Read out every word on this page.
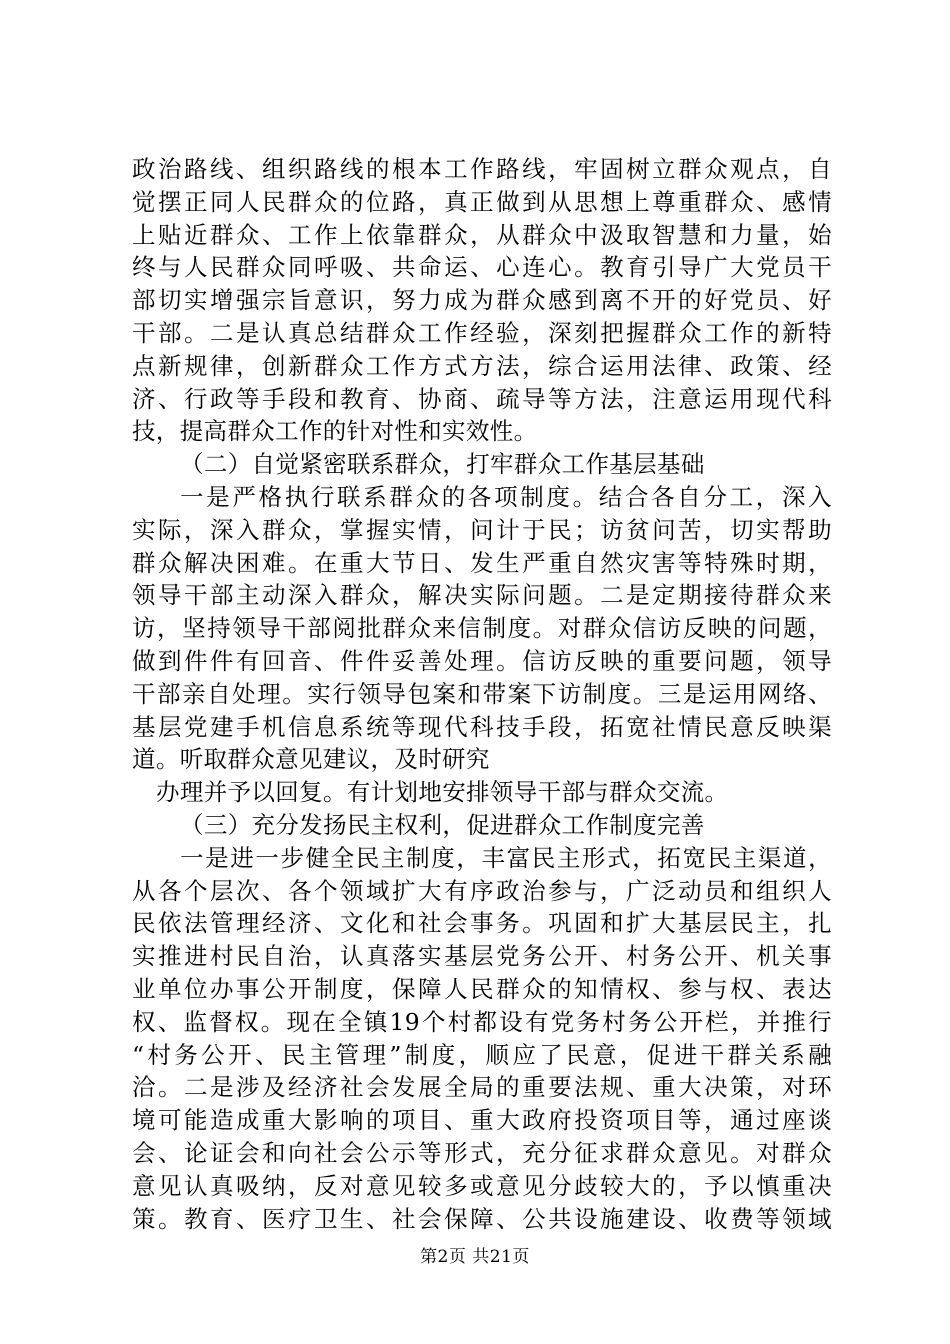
政治路线、组织路线的根本工作路线，牢固树立群众观点，自
觉摆正同人民群众的位路，真正做到从思想上尊重群众、感情
上贴近群众、工作上依靠群众，从群众中汲取智慧和力量，始
终与人民群众同呼吸、共命运、心连心。教育引导广大党员干
部切实增强宗旨意识，努力成为群众感到离不开的好党员、好
干部。二是认真总结群众工作经验，深刻把握群众工作的新特
点新规律，创新群众工作方式方法，综合运用法律、政策、经
济、行政等手段和教育、协商、疏导等方法，注意运用现代科
技，提高群众工作的针对性和实效性。
（二）自觉紧密联系群众，打牢群众工作基层基础
一是严格执行联系群众的各项制度。结合各自分工，深入
实际，深入群众，掌握实情，问计于民；访贫问苦，切实帮助
群众解决困难。在重大节日、发生严重自然灾害等特殊时期，
领导干部主动深入群众，解决实际问题。二是定期接待群众来
访，坚持领导干部阅批群众来信制度。对群众信访反映的问题，
做到件件有回音、件件妥善处理。信访反映的重要问题，领导
干部亲自处理。实行领导包案和带案下访制度。三是运用网络、
基层党建手机信息系统等现代科技手段，拓宽社情民意反映渠
道。听取群众意见建议，及时研究
办理并予以回复。有计划地安排领导干部与群众交流。
（三）充分发扬民主权利，促进群众工作制度完善
一是进一步健全民主制度，丰富民主形式，拓宽民主渠道，
从各个层次、各个领域扩大有序政治参与，广泛动员和组织人
民依法管理经济、文化和社会事务。巩固和扩大基层民主，扎
实推进村民自治，认真落实基层党务公开、村务公开、机关事
业单位办事公开制度，保障人民群众的知情权、参与权、表达
权、监督权。现在全镇19个村都设有党务村务公开栏，并推行
“村务公开、民主管理”制度，顺应了民意，促进干群关系融
洽。二是涉及经济社会发展全局的重要法规、重大决策，对环
境可能造成重大影响的项目、重大政府投资项目等，通过座谈
会、论证会和向社会公示等形式，充分征求群众意见。对群众
意见认真吸纳，反对意见较多或意见分歧较大的，予以慎重决
策。教育、医疗卫生、社会保障、公共设施建设、收费等领域
第2页 共21页
